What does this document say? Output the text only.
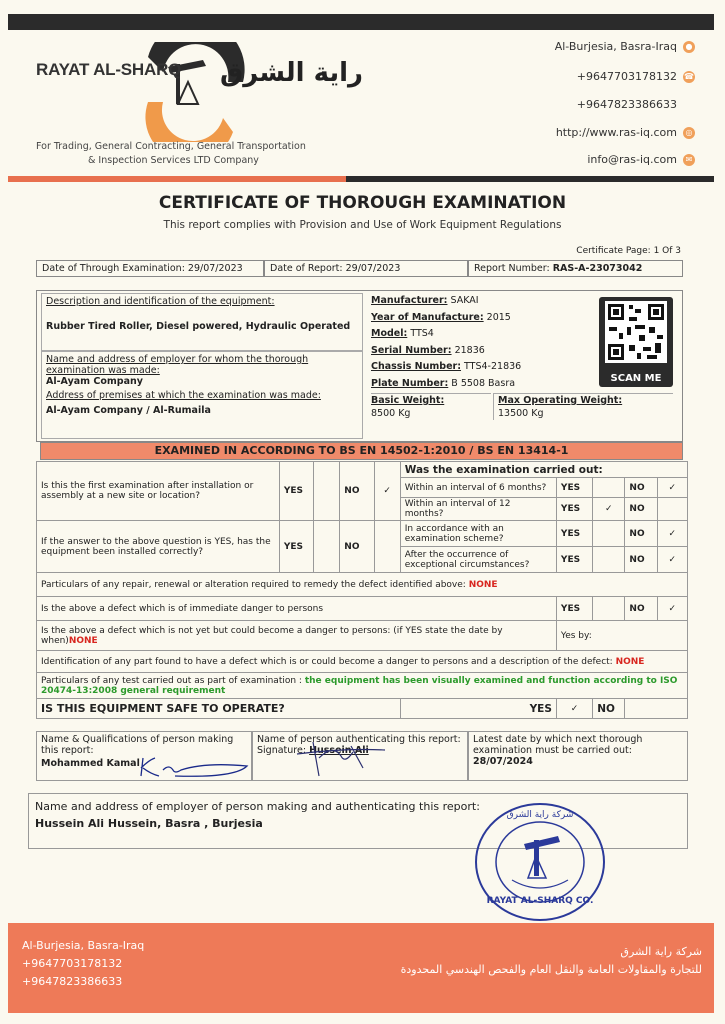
RAYAT AL-SHARQ راية الشرق
For Trading, General Contracting, General Transportation
& Inspection Services LTD Company
Al-Burjesia, Basra-Iraq ●
+9647703178132 ☎
+9647823386633
http://www.ras-iq.com ◎
info@ras-iq.com ✉
CERTIFICATE OF THOROUGH EXAMINATION
This report complies with Provision and Use of Work Equipment Regulations
Certificate Page: 1 Of 3
Date of Through Examination: 29/07/2023	Date of Report: 29/07/2023	Report Number: RAS-A-23073042
Description and identification of the equipment:
Rubber Tired Roller, Diesel powered, Hydraulic Operated
Name and address of employer for whom the thorough examination was made:
Al-Ayam Company
Address of premises at which the examination was made:
Al-Ayam Company / Al-Rumaila
Manufacturer: SAKAI
Year of Manufacture: 2015
Model: TTS4
Serial Number: 21836
Chassis Number: TTS4-21836
Plate Number: B 5508 Basra
Basic Weight:
8500 Kg
Max Operating Weight:
13500 Kg
SCAN ME
EXAMINED IN ACCORDING TO BS EN 14502-1:2010 / BS EN 13414-1
Is this the first examination after installation or assembly at a new site or location?	YES		NO	✓	Was the examination carried out:				
					Within an interval of 6 months?	YES		NO	✓
					Within an interval of 12 months?	YES	✓	NO	
If the answer to the above question is YES, has the equipment been installed correctly?	YES		NO		In accordance with an examination scheme?	YES		NO	✓
					After the occurrence of exceptional circumstances?	YES		NO	✓
Particulars of any repair, renewal or alteration required to remedy the defect identified above: NONE									
Is the above a defect which is of immediate danger to persons						YES		NO	✓
Is the above a defect which is not yet but could become a danger to persons: (if YES state the date by when)NONE						Yes by:			
Identification of any part found to have a defect which is or could become a danger to persons and a description of the defect: NONE									
Particulars of any test carried out as part of examination : the equipment has been visually examined and function according to ISO 20474-13:2008 general requirement									
IS THIS EQUIPMENT SAFE TO OPERATE?					YES	✓	NO		
Name & Qualifications of person making this report:
Mohammed Kamal
Name of person authenticating this report:
Signature: Hussein Ali
Latest date by which next thorough examination must be carried out:
28/07/2024
Name and address of employer of person making and authenticating this report:
Hussein Ali Hussein, Basra , Burjesia
RAYAT AL-SHARQ CO.
شركة راية الشرق
Al-Burjesia, Basra-Iraq
+9647703178132
+9647823386633
شركة راية الشرق
للتجارة والمقاولات العامة والنقل العام والفحص الهندسي المحدودة
